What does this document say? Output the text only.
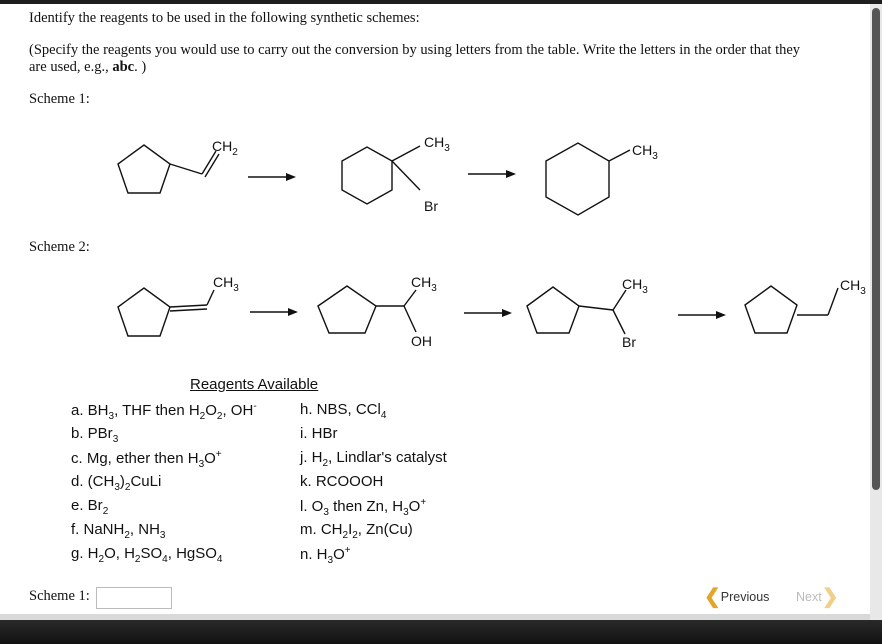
Identify the reagents to be used in the following synthetic schemes:
(Specify the reagents you would use to carry out the conversion by using letters from the table. Write the letters in the order that they
are used, e.g., abc. )
Scheme 1:
Scheme 2:
$CH_2$
$CH_3$
Br
$CH_3$
$CH_3$	$CH_3$
OH
$CH_3$
Br
$CH_3$
Reagents Available
a. $BH_3$, THF then $H_2O_2$, OH-
b. PBr$_3$
c. Mg, ether then $H_3O^+$
d. $(CH_3)_2CuLi$
e. $Br_2$
f. NaNH$_2$, $NH_3$
g. $H_2O$, $H_2SO_4$, HgSO$_4$
h. NBS, CCl$_4$
i. HBr
j. $H_2$, Lindlar's catalyst
k. RCOOOH
l. $O_3$ then Zn, $H_3O^+$
m. $CH_2I_2$, Zn(Cu)
n. $H_3O^+$
Scheme 1:	❮ Previous Next ❯
